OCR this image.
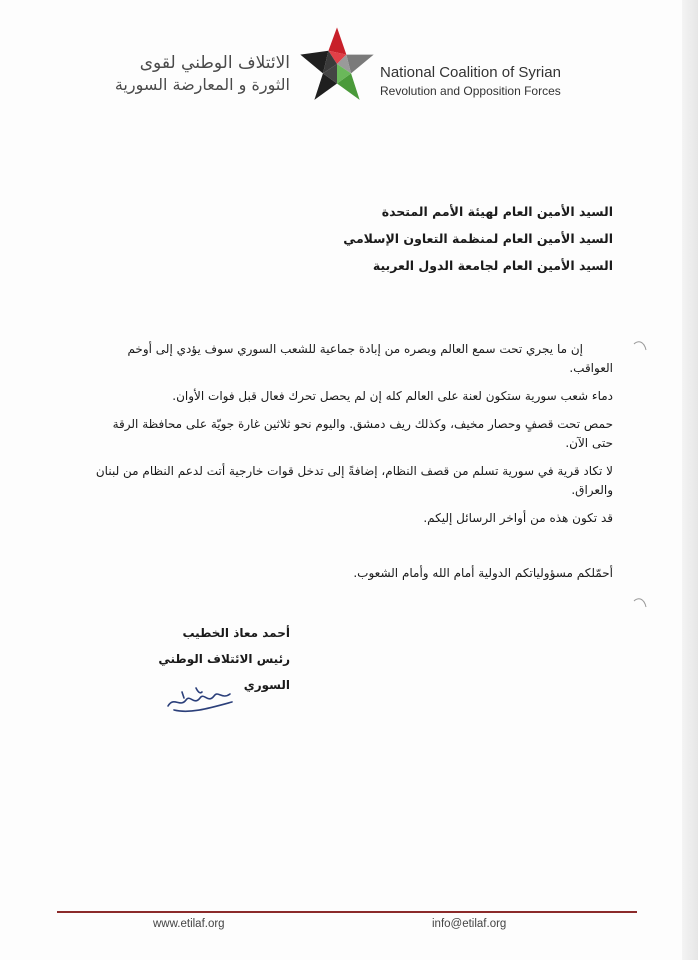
الائتلاف الوطني لقوى
الثورة و المعارضة السورية
National Coalition of Syrian
Revolution and Opposition Forces
السيد الأمين العام لهيئة الأمم المتحدة
السيد الأمين العام لمنظمة التعاون الإسلامي
السيد الأمين العام لجامعة الدول العربية

إن ما يجري تحت سمع العالم وبصره من إبادة جماعية للشعب السوري سوف يؤدي إلى أوخم العواقب.

دماء شعب سورية ستكون لعنة على العالم كله إن لم يحصل تحرك فعال قبل فوات الأوان.

حمص تحت قصفٍ وحصار مخيف، وكذلك ريف دمشق. واليوم نحو ثلاثين غارة جويّة على محافظة الرقة حتى الآن.

لا تكاد قرية في سورية تسلم من قصف النظام، إضافةً إلى تدخل قوات خارجية أتت لدعم النظام من لبنان والعراق.

قد تكون هذه من أواخر الرسائل إليكم.

أحمّلكم مسؤولياتكم الدولية أمام الله وأمام الشعوب.
أحمد معاذ الخطيب
رئيس الائتلاف الوطني السوري
www.etilaf.org	info@etilaf.org
